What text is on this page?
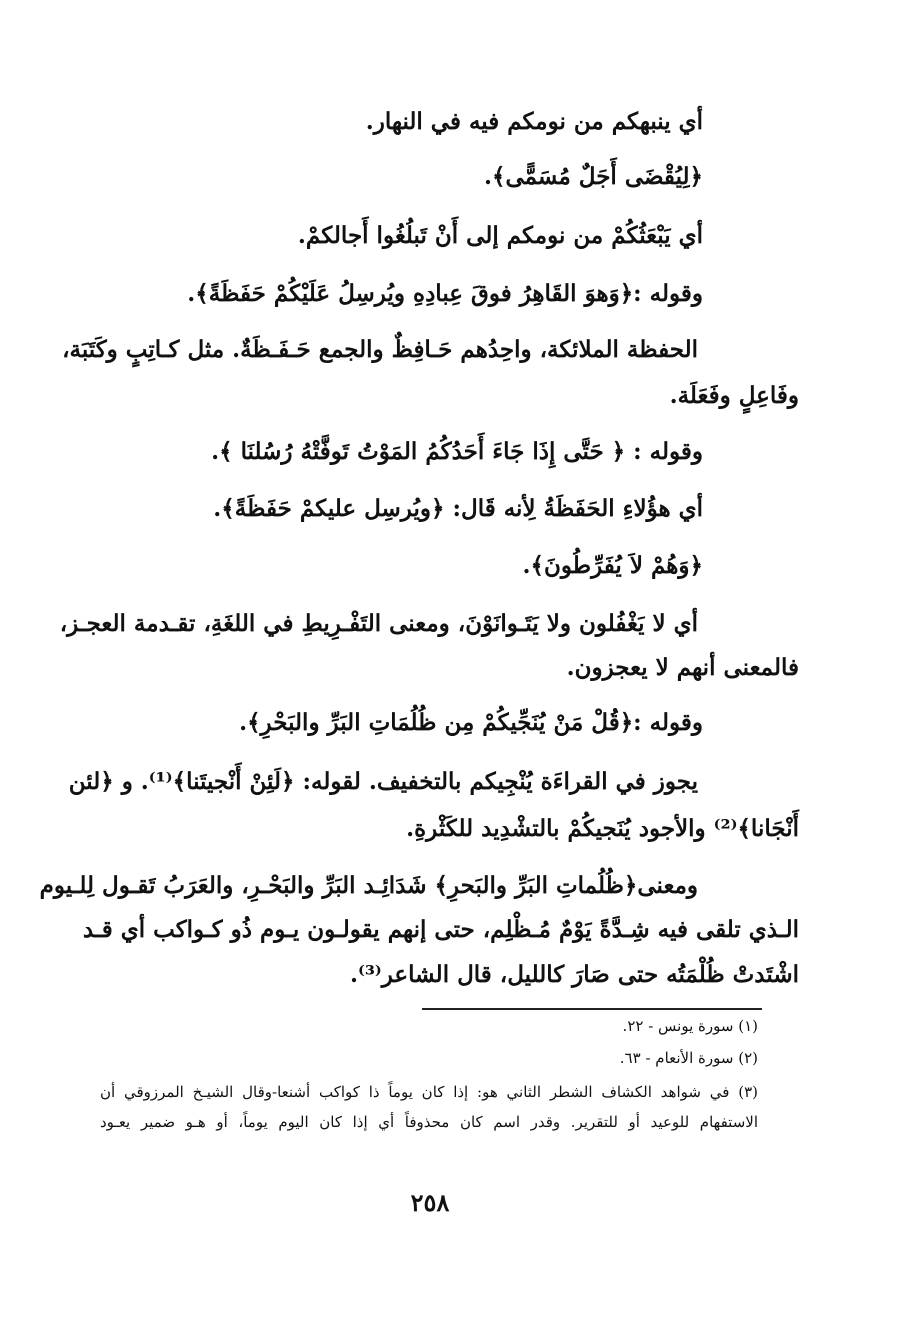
أي ينبهكم من نومكم فيه في النهار.
﴿لِيُقْضَى أَجَلٌ مُسَمًّى﴾.
أي يَبْعَثُكُمْ من نومكم إلى أَنْ تَبلُغُوا أَجالكمْ.
وقوله :﴿وَهوَ القَاهِرُ فوقَ عِبادِهِ ويُرسِلُ عَلَيْكُمْ حَفَظَةً﴾.
الحفظة الملائكة، واحِدُهم حَـافِظٌ والجمع حَـفَـظَةٌ. مثل كـاتِبٍ وكَتَبَة،
وفَاعِلٍ وفَعَلَة.
وقوله : ﴿ حَتَّى إِذَا جَاءَ أَحَدُكُمُ المَوْتُ تَوفَّتْهُ رُسُلنَا ﴾.
أي هؤُلاءِ الحَفَظَةُ لِأنه قَال: ﴿ويُرسِل عليكمْ حَفَظَةً﴾.
﴿وَهُمْ لاَ يُفَرِّطُونَ﴾.
أي لا يَغْفُلون ولا يَتَـوانَوْنَ، ومعنى التَفْـرِيطِ في اللغَةِ، تقـدمة العجـز،
فالمعنى أنهم لا يعجزون.
وقوله :﴿قُلْ مَنْ يُنَجِّيكُمْ مِن ظُلُمَاتِ البَرِّ والبَحْرِ﴾.
يجوز في القراءَة يُنْجِيكم بالتخفيف. لقوله: ﴿لَئِنْ أَنْجيتَنا﴾⁽¹⁾. و ﴿لئن
أَنْجَانا﴾⁽²⁾ والأجود يُنَجيكُمْ بالتشْدِيد للكَثْرةِ.
ومعنى﴿ظُلُماتِ البَرِّ والبَحرِ﴾ شَدَائِـد البَرِّ والبَحْـرِ، والعَرَبُ تَقـول لِلـيوم
الـذي تلقى فيه شِـدَّةً يَوْمٌ مُـظْلِم، حتى إنهم يقولـون يـوم ذُو كـواكب أي قـد
اشْتَدتْ ظُلْمَتُه حتى صَارَ كالليل، قال الشاعر⁽³⁾.
(١) سورة يونس - ٢٢.
(٢) سورة الأنعام - ٦٣.
(٣) في شواهد الكشاف الشطر الثاني هو: إذا كان يوماً ذا كواكب أشنعا-وقال الشيـخ المرزوقي أن
الاستفهام للوعيد أو للتقرير. وقدر اسم كان محذوفاً أي إذا كان اليوم يوماً، أو هـو ضمير يعـود
٢٥٨
